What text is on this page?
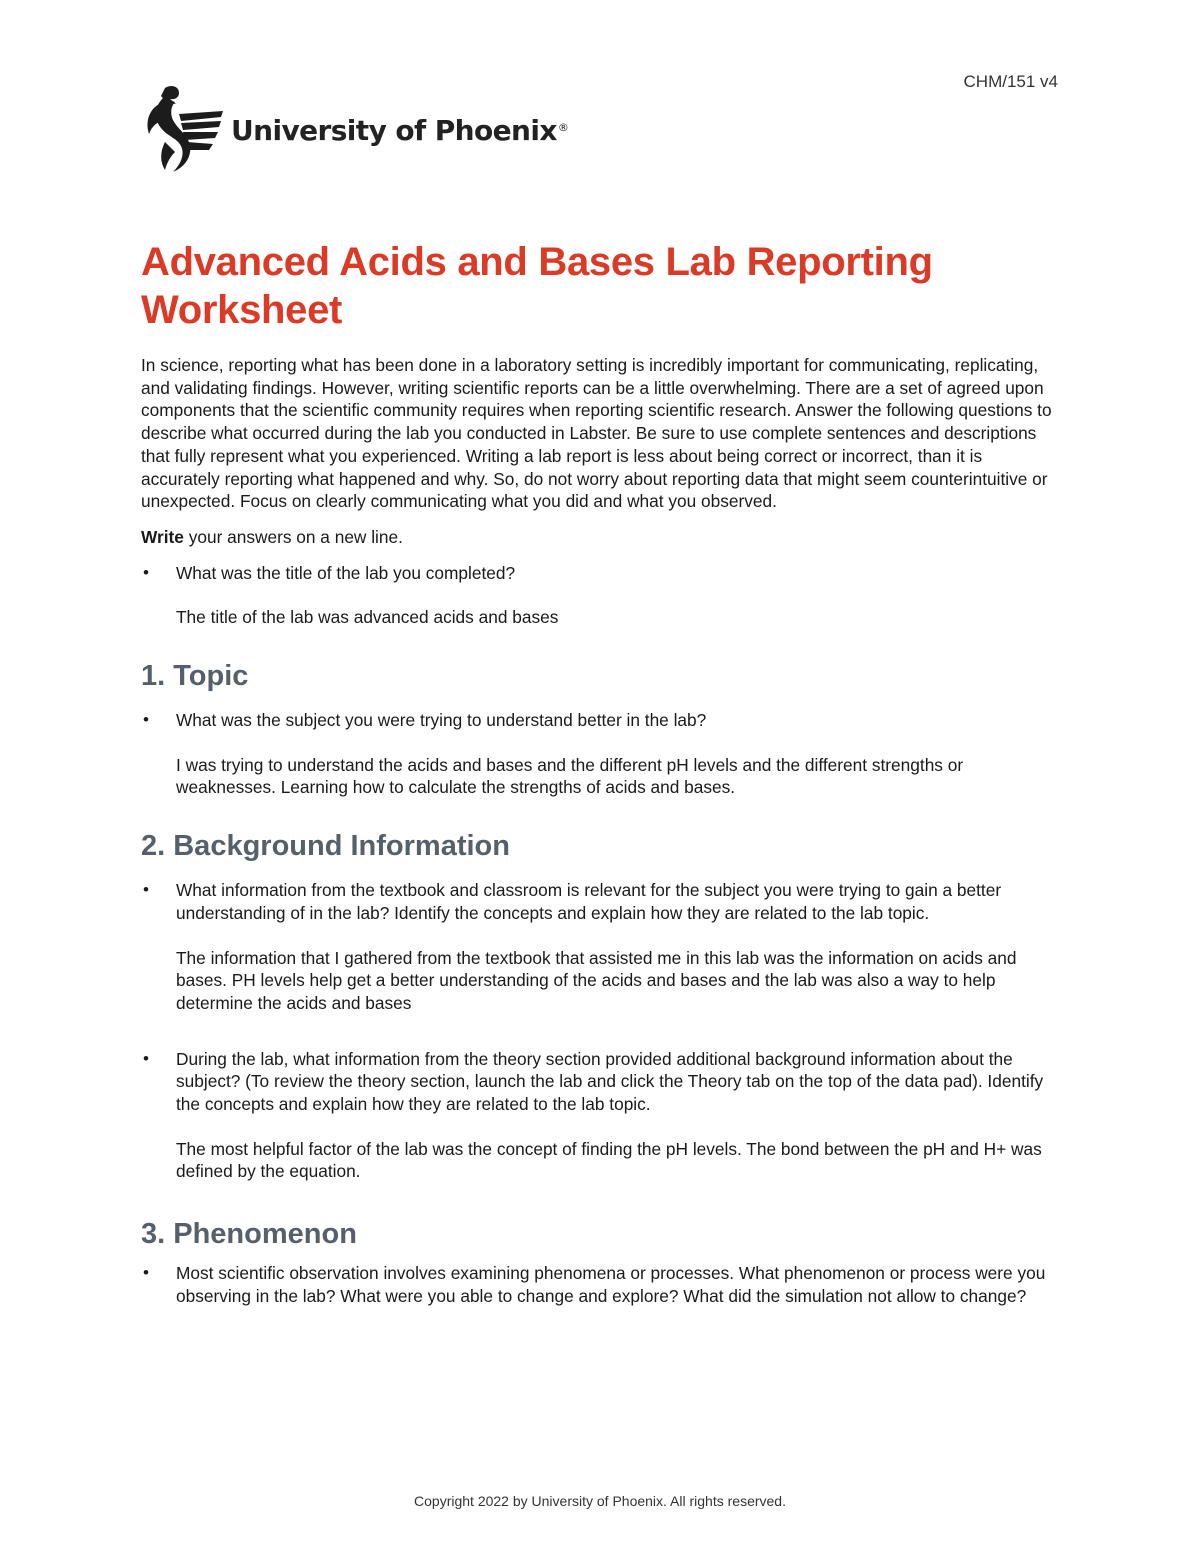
CHM/151 v4
University of Phoenix®
Advanced Acids and Bases Lab Reporting Worksheet

In science, reporting what has been done in a laboratory setting is incredibly important for communicating, replicating, and validating findings. However, writing scientific reports can be a little overwhelming. There are a set of agreed upon components that the scientific community requires when reporting scientific research. Answer the following questions to describe what occurred during the lab you conducted in Labster. Be sure to use complete sentences and descriptions that fully represent what you experienced. Writing a lab report is less about being correct or incorrect, than it is accurately reporting what happened and why. So, do not worry about reporting data that might seem counterintuitive or unexpected. Focus on clearly communicating what you did and what you observed.

Write your answers on a new line.

• What was the title of the lab you completed?

The title of the lab was advanced acids and bases

1. Topic
• What was the subject you were trying to understand better in the lab?

I was trying to understand the acids and bases and the different pH levels and the different strengths or weaknesses. Learning how to calculate the strengths of acids and bases.

2. Background Information
• What information from the textbook and classroom is relevant for the subject you were trying to gain a better understanding of in the lab? Identify the concepts and explain how they are related to the lab topic.

The information that I gathered from the textbook that assisted me in this lab was the information on acids and bases. PH levels help get a better understanding of the acids and bases and the lab was also a way to help determine the acids and bases

• During the lab, what information from the theory section provided additional background information about the subject? (To review the theory section, launch the lab and click the Theory tab on the top of the data pad). Identify the concepts and explain how they are related to the lab topic.

The most helpful factor of the lab was the concept of finding the pH levels. The bond between the pH and H+ was defined by the equation.

3. Phenomenon
• Most scientific observation involves examining phenomena or processes. What phenomenon or process were you observing in the lab? What were you able to change and explore? What did the simulation not allow to change?

Copyright 2022 by University of Phoenix. All rights reserved.
